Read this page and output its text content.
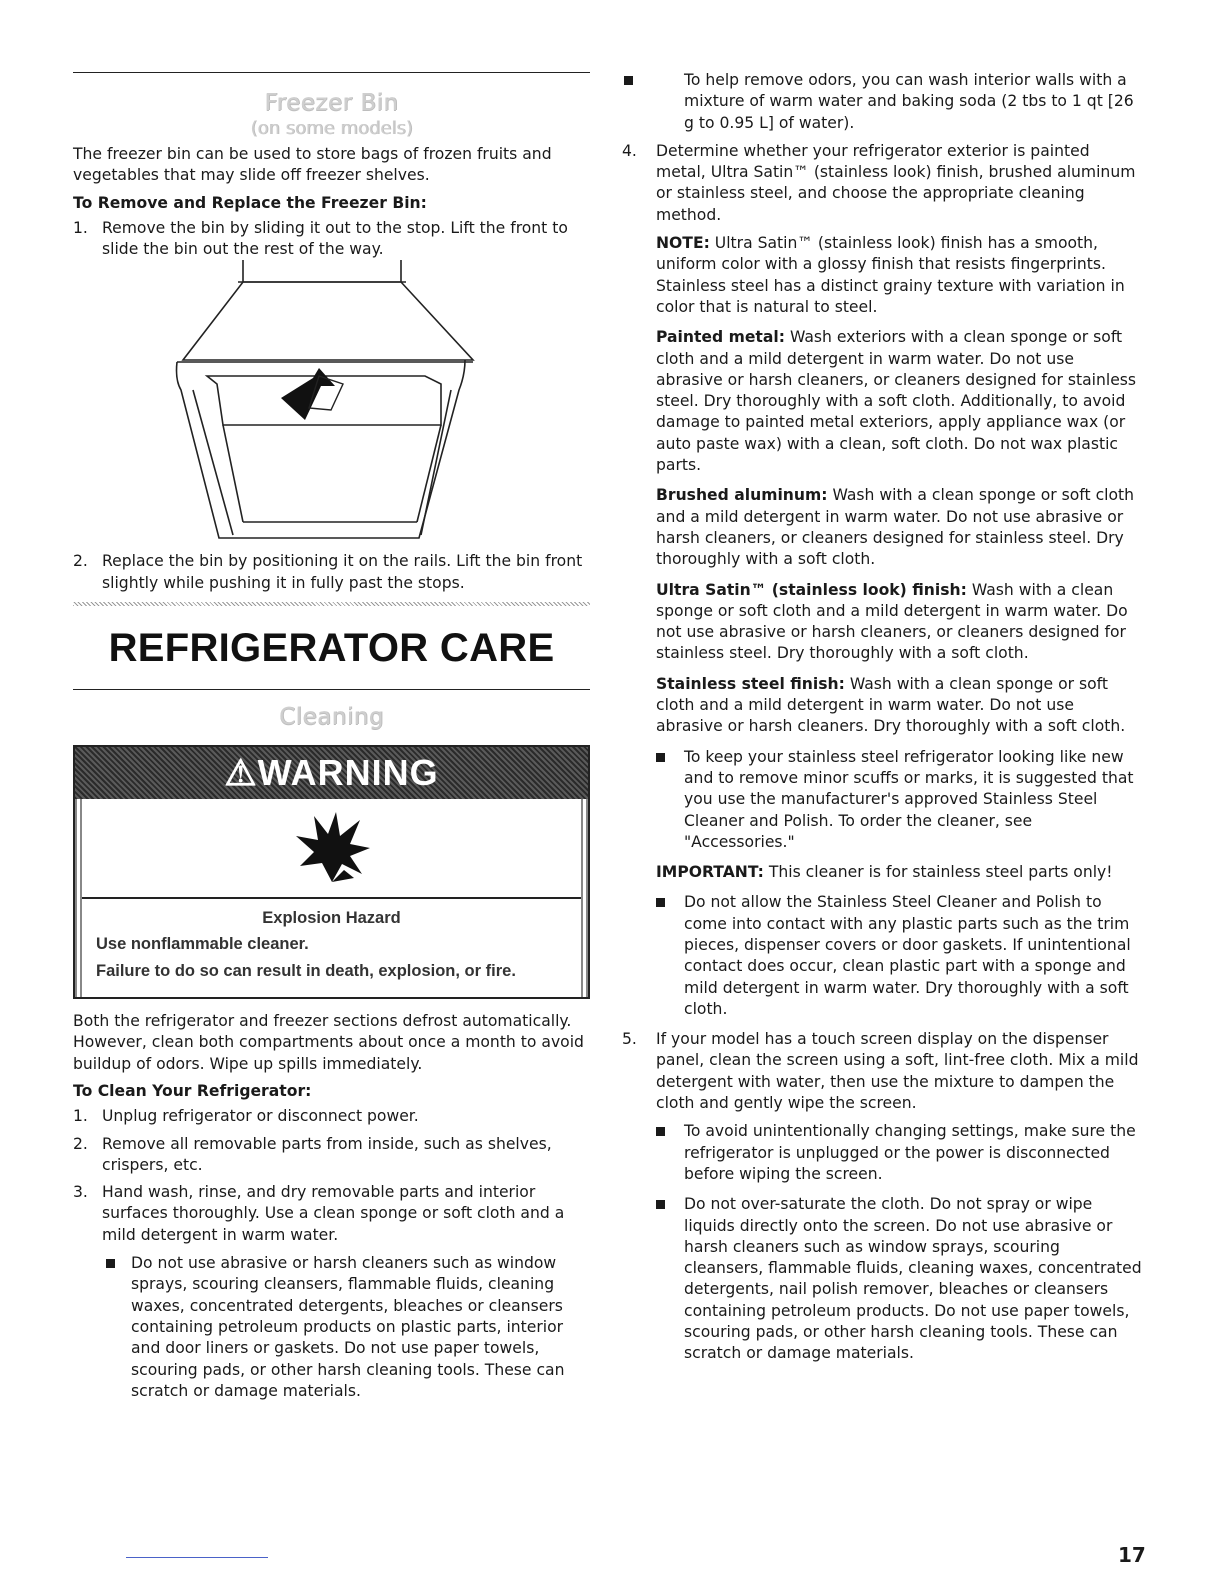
Freezer Bin
(on some models)

The freezer bin can be used to store bags of frozen fruits and vegetables that may slide off freezer shelves.

To Remove and Replace the Freezer Bin:

1. Remove the bin by sliding it out to the stop. Lift the front to slide the bin out the rest of the way.

2. Replace the bin by positioning it on the rails. Lift the bin front slightly while pushing it in fully past the stops.

REFRIGERATOR CARE
Cleaning
⚠ WARNING
Explosion Hazard
Use nonflammable cleaner.
Failure to do so can result in death, explosion, or fire.

Both the refrigerator and freezer sections defrost automatically. However, clean both compartments about once a month to avoid buildup of odors. Wipe up spills immediately.

To Clean Your Refrigerator:

1. Unplug refrigerator or disconnect power.

2. Remove all removable parts from inside, such as shelves, crispers, etc.

3. Hand wash, rinse, and dry removable parts and interior surfaces thoroughly. Use a clean sponge or soft cloth and a mild detergent in warm water.

Do not use abrasive or harsh cleaners such as window sprays, scouring cleansers, flammable fluids, cleaning waxes, concentrated detergents, bleaches or cleansers containing petroleum products on plastic parts, interior and door liners or gaskets. Do not use paper towels, scouring pads, or other harsh cleaning tools. These can scratch or damage materials.

To help remove odors, you can wash interior walls with a mixture of warm water and baking soda (2 tbs to 1 qt [26 g to 0.95 L] of water).

4. Determine whether your refrigerator exterior is painted metal, Ultra Satin™ (stainless look) finish, brushed aluminum or stainless steel, and choose the appropriate cleaning method.

NOTE: Ultra Satin™ (stainless look) finish has a smooth, uniform color with a glossy finish that resists fingerprints. Stainless steel has a distinct grainy texture with variation in color that is natural to steel.

Painted metal: Wash exteriors with a clean sponge or soft cloth and a mild detergent in warm water. Do not use abrasive or harsh cleaners, or cleaners designed for stainless steel. Dry thoroughly with a soft cloth. Additionally, to avoid damage to painted metal exteriors, apply appliance wax (or auto paste wax) with a clean, soft cloth. Do not wax plastic parts.

Brushed aluminum: Wash with a clean sponge or soft cloth and a mild detergent in warm water. Do not use abrasive or harsh cleaners, or cleaners designed for stainless steel. Dry thoroughly with a soft cloth.

Ultra Satin™ (stainless look) finish: Wash with a clean sponge or soft cloth and a mild detergent in warm water. Do not use abrasive or harsh cleaners, or cleaners designed for stainless steel. Dry thoroughly with a soft cloth.

Stainless steel finish: Wash with a clean sponge or soft cloth and a mild detergent in warm water. Do not use abrasive or harsh cleaners. Dry thoroughly with a soft cloth.

To keep your stainless steel refrigerator looking like new and to remove minor scuffs or marks, it is suggested that you use the manufacturer's approved Stainless Steel Cleaner and Polish. To order the cleaner, see "Accessories."

IMPORTANT: This cleaner is for stainless steel parts only!

Do not allow the Stainless Steel Cleaner and Polish to come into contact with any plastic parts such as the trim pieces, dispenser covers or door gaskets. If unintentional contact does occur, clean plastic part with a sponge and mild detergent in warm water. Dry thoroughly with a soft cloth.

5. If your model has a touch screen display on the dispenser panel, clean the screen using a soft, lint-free cloth. Mix a mild detergent with water, then use the mixture to dampen the cloth and gently wipe the screen.

To avoid unintentionally changing settings, make sure the refrigerator is unplugged or the power is disconnected before wiping the screen.

Do not over-saturate the cloth. Do not spray or wipe liquids directly onto the screen. Do not use abrasive or harsh cleaners such as window sprays, scouring cleansers, flammable fluids, cleaning waxes, concentrated detergents, nail polish remover, bleaches or cleansers containing petroleum products. Do not use paper towels, scouring pads, or other harsh cleaning tools. These can scratch or damage materials.

17
